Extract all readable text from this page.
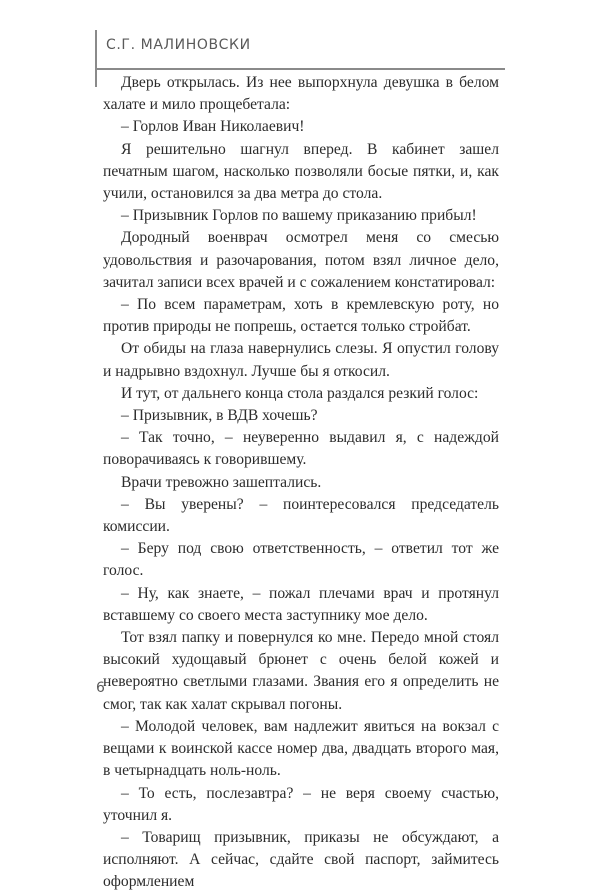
С.Г. МАЛИНОВСКИ

Дверь открылась. Из нее выпорхнула девушка в белом халате и мило прощебетала:

– Горлов Иван Николаевич!

Я решительно шагнул вперед. В кабинет зашел печатным шагом, насколько позволяли босые пятки, и, как учили, остановился за два метра до стола.

– Призывник Горлов по вашему приказанию прибыл!

Дородный военврач осмотрел меня со смесью удовольствия и разочарования, потом взял личное дело, зачитал записи всех врачей и с сожалением констатировал:

– По всем параметрам, хоть в кремлевскую роту, но против природы не попрешь, остается только стройбат.

От обиды на глаза навернулись слезы. Я опустил голову и надрывно вздохнул. Лучше бы я откосил.

И тут, от дальнего конца стола раздался резкий голос:

– Призывник, в ВДВ хочешь?

– Так точно, – неуверенно выдавил я, с надеждой поворачиваясь к говорившему.

Врачи тревожно зашептались.

– Вы уверены? – поинтересовался председатель комиссии.

– Беру под свою ответственность, – ответил тот же голос.

– Ну, как знаете, – пожал плечами врач и протянул вставшему со своего места заступнику мое дело.

Тот взял папку и повернулся ко мне. Передо мной стоял высокий худощавый брюнет с очень белой кожей и невероятно светлыми глазами. Звания его я определить не смог, так как халат скрывал погоны.

– Молодой человек, вам надлежит явиться на вокзал с вещами к воинской кассе номер два, двадцать второго мая, в четырнадцать ноль-ноль.

– То есть, послезавтра? – не веря своему счастью, уточнил я.

– Товарищ призывник, приказы не обсуждают, а исполняют. А сейчас, сдайте свой паспорт, займитесь оформлением

6
